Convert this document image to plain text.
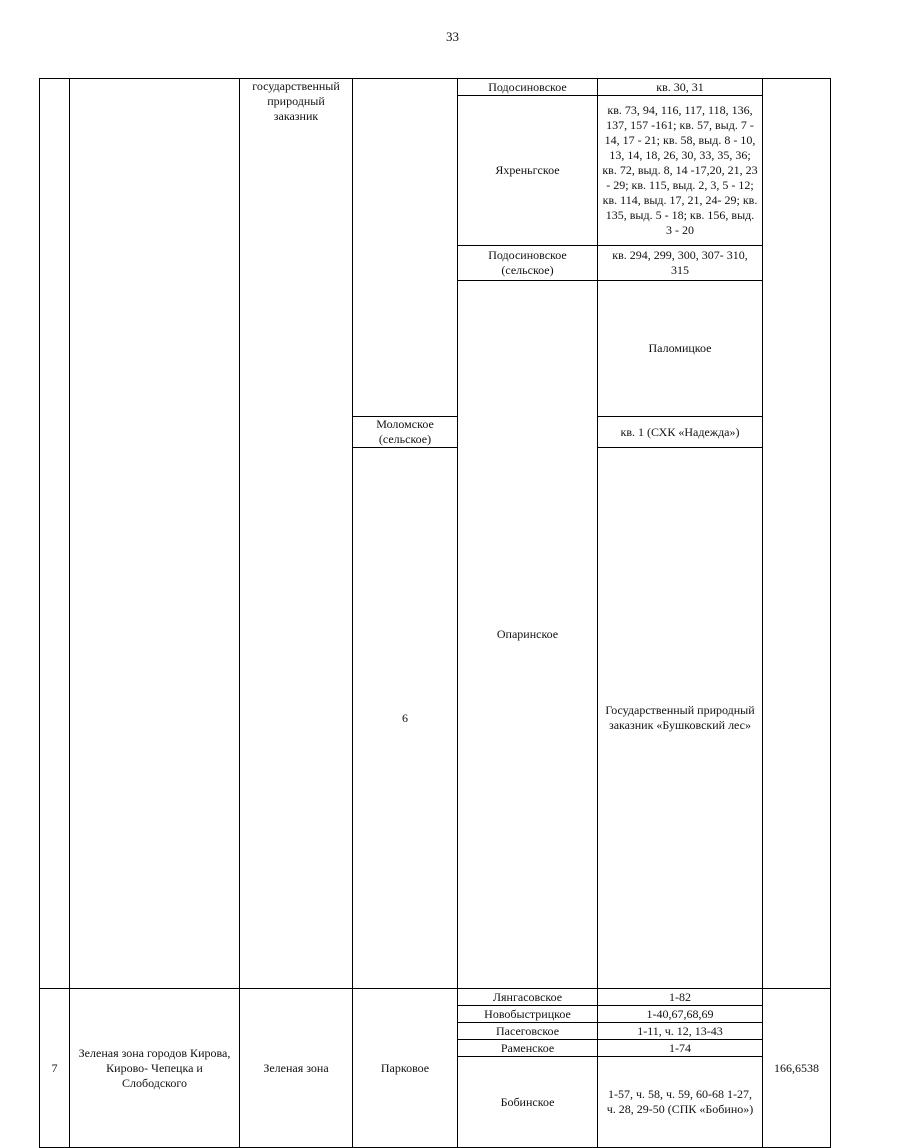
33
		государственный природный заказник		Подосиновское	кв. 30, 31		
				Яхреньгское	кв. 73, 94, 116, 117, 118, 136, 137, 157 -161; кв. 57, выд. 7 - 14, 17 - 21; кв. 58, выд. 8 - 10, 13, 14, 18, 26, 30, 33, 35, 36; кв. 72, выд. 8, 14 -17,20, 21, 23 - 29; кв. 115, выд. 2, 3, 5 - 12; кв. 114, выд. 17, 21, 24- 29; кв. 135, выд. 5 - 18; кв. 156, выд. 3 - 20		
				Подосиновское (сельское)	кв. 294, 299, 300, 307- 310, 315		
				Опаринское	Паломицкое	
			Моломское (сельское)		кв. 1 (СХК «Надежда»)		
			6		Государственный природный заказник «Бушковский лес»					
7	Зеленая зона городов Кирова, Кирово- Чепецка и Слободского	Зеленая зона	Парковое	Лянгасовское	1-82	166,6538	
				Новобыстрицкое	1-40,67,68,69		
				Пасеговское	1-11, ч. 12, 13-43		
				Раменское	1-74		
				Бобинское	1-57, ч. 58, ч. 59, 60-68 1-27, ч. 28, 29-50 (СПК «Бобино»)		
